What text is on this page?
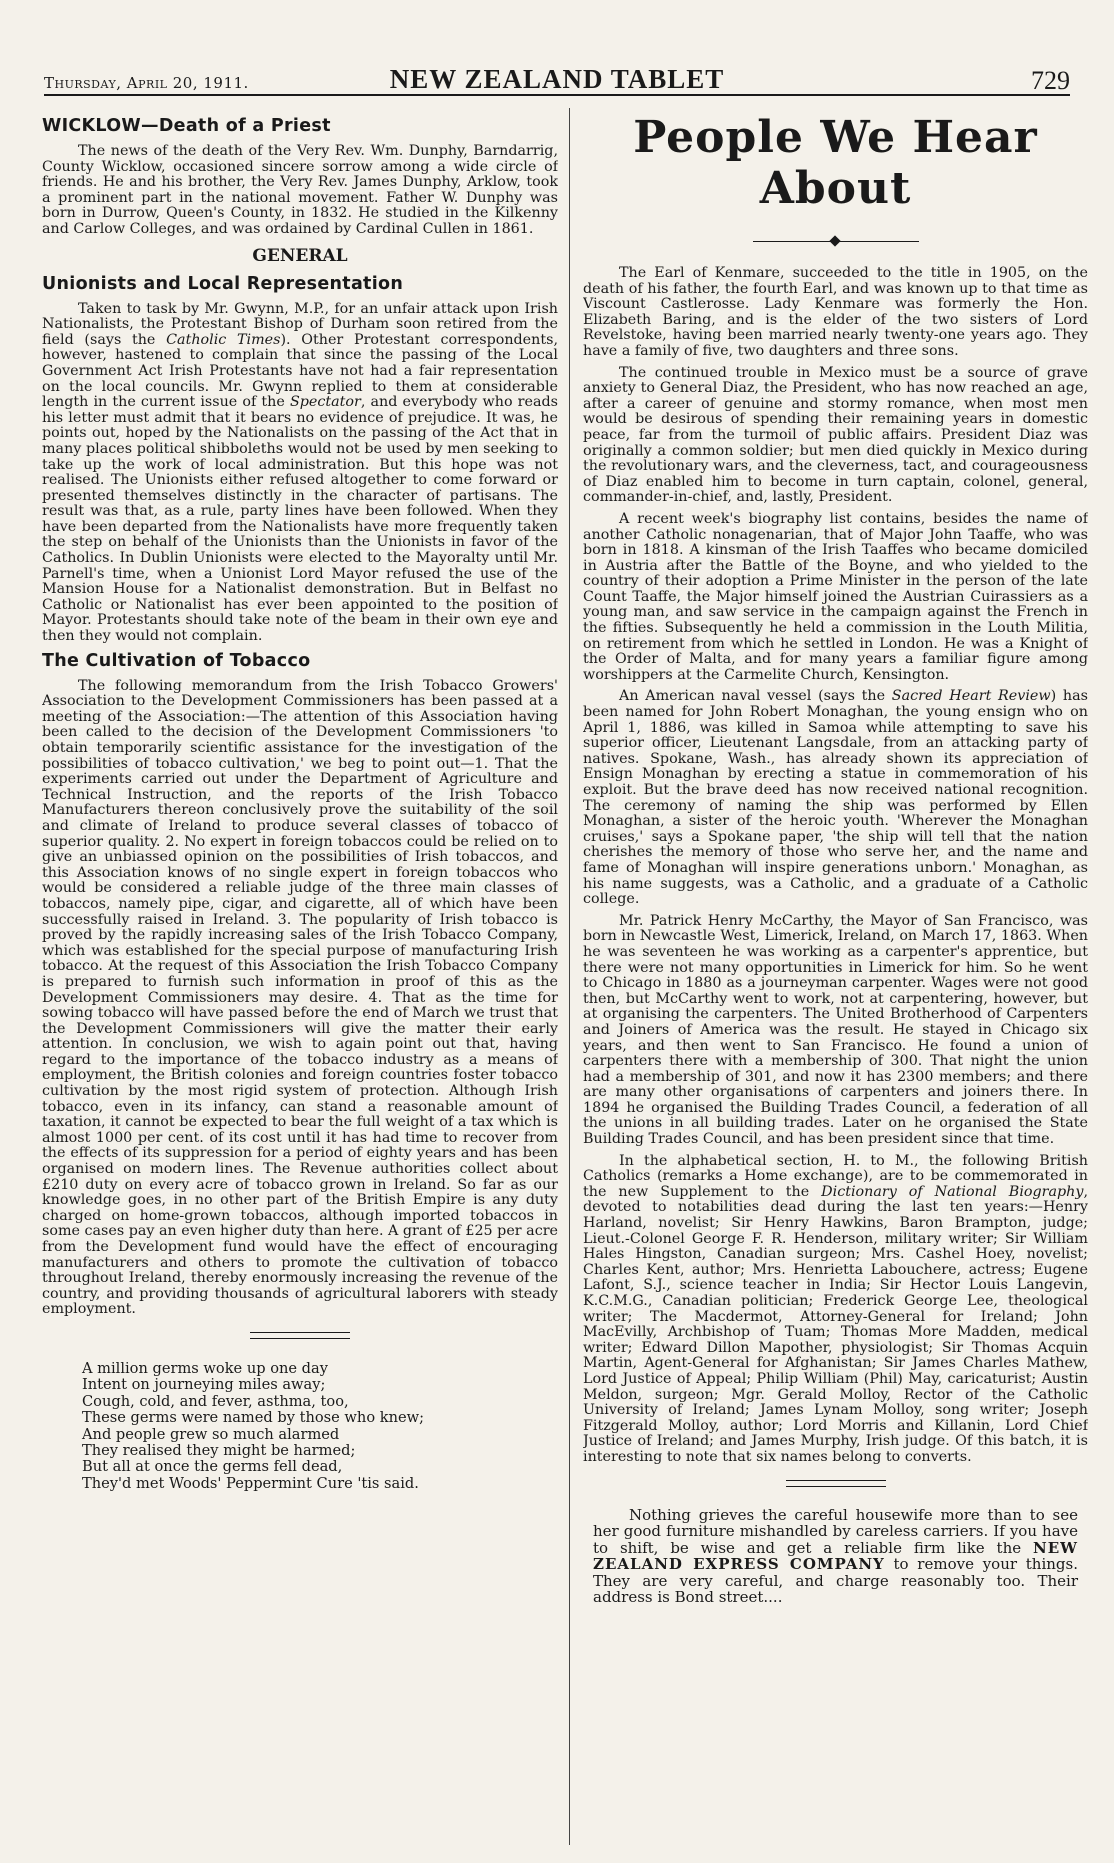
Thursday, April 20, 1911.	NEW ZEALAND TABLET	729
WICKLOW—Death of a Priest

The news of the death of the Very Rev. Wm. Dunphy, Barndarrig, County Wicklow, occasioned sincere sorrow among a wide circle of friends. He and his brother, the Very Rev. James Dunphy, Arklow, took a prominent part in the national movement. Father W. Dunphy was born in Durrow, Queen's County, in 1832. He studied in the Kilkenny and Carlow Colleges, and was ordained by Cardinal Cullen in 1861.

GENERAL
Unionists and Local Representation

Taken to task by Mr. Gwynn, M.P., for an unfair attack upon Irish Nationalists, the Protestant Bishop of Durham soon retired from the field (says the Catholic Times). Other Protestant correspondents, however, hastened to complain that since the passing of the Local Government Act Irish Protestants have not had a fair representation on the local councils. Mr. Gwynn replied to them at considerable length in the current issue of the Spectator, and everybody who reads his letter must admit that it bears no evidence of prejudice. It was, he points out, hoped by the Nationalists on the passing of the Act that in many places political shibboleths would not be used by men seeking to take up the work of local administration. But this hope was not realised. The Unionists either refused altogether to come forward or presented themselves distinctly in the character of partisans. The result was that, as a rule, party lines have been followed. When they have been departed from the Nationalists have more frequently taken the step on behalf of the Unionists than the Unionists in favor of the Catholics. In Dublin Unionists were elected to the Mayoralty until Mr. Parnell's time, when a Unionist Lord Mayor refused the use of the Mansion House for a Nationalist demonstration. But in Belfast no Catholic or Nationalist has ever been appointed to the position of Mayor. Protestants should take note of the beam in their own eye and then they would not complain.

The Cultivation of Tobacco

The following memorandum from the Irish Tobacco Growers' Association to the Development Commissioners has been passed at a meeting of the Association:—The attention of this Association having been called to the decision of the Development Commissioners 'to obtain temporarily scientific assistance for the investigation of the possibilities of tobacco cultivation,' we beg to point out—1. That the experiments carried out under the Department of Agriculture and Technical Instruction, and the reports of the Irish Tobacco Manufacturers thereon conclusively prove the suitability of the soil and climate of Ireland to produce several classes of tobacco of superior quality. 2. No expert in foreign tobaccos could be relied on to give an unbiassed opinion on the possibilities of Irish tobaccos, and this Association knows of no single expert in foreign tobaccos who would be considered a reliable judge of the three main classes of tobaccos, namely pipe, cigar, and cigarette, all of which have been successfully raised in Ireland. 3. The popularity of Irish tobacco is proved by the rapidly increasing sales of the Irish Tobacco Company, which was established for the special purpose of manufacturing Irish tobacco. At the request of this Association the Irish Tobacco Company is prepared to furnish such information in proof of this as the Development Commissioners may desire. 4. That as the time for sowing tobacco will have passed before the end of March we trust that the Development Commissioners will give the matter their early attention. In conclusion, we wish to again point out that, having regard to the importance of the tobacco industry as a means of employment, the British colonies and foreign countries foster tobacco cultivation by the most rigid system of protection. Although Irish tobacco, even in its infancy, can stand a reasonable amount of taxation, it cannot be expected to bear the full weight of a tax which is almost 1000 per cent. of its cost until it has had time to recover from the effects of its suppression for a period of eighty years and has been organised on modern lines. The Revenue authorities collect about £210 duty on every acre of tobacco grown in Ireland. So far as our knowledge goes, in no other part of the British Empire is any duty charged on home-grown tobaccos, although imported tobaccos in some cases pay an even higher duty than here. A grant of £25 per acre from the Development fund would have the effect of encouraging manufacturers and others to promote the cultivation of tobacco throughout Ireland, thereby enormously increasing the revenue of the country, and providing thousands of agricultural laborers with steady employment.

A million germs woke up one day
Intent on journeying miles away;
Cough, cold, and fever, asthma, too,
These germs were named by those who knew;
And people grew so much alarmed
They realised they might be harmed;
But all at once the germs fell dead,
They'd met Woods' Peppermint Cure 'tis said.
People We Hear About

The Earl of Kenmare, succeeded to the title in 1905, on the death of his father, the fourth Earl, and was known up to that time as Viscount Castlerosse. Lady Kenmare was formerly the Hon. Elizabeth Baring, and is the elder of the two sisters of Lord Revelstoke, having been married nearly twenty-one years ago. They have a family of five, two daughters and three sons.

The continued trouble in Mexico must be a source of grave anxiety to General Diaz, the President, who has now reached an age, after a career of genuine and stormy romance, when most men would be desirous of spending their remaining years in domestic peace, far from the turmoil of public affairs. President Diaz was originally a common soldier; but men died quickly in Mexico during the revolutionary wars, and the cleverness, tact, and courageousness of Diaz enabled him to become in turn captain, colonel, general, commander-in-chief, and, lastly, President.

A recent week's biography list contains, besides the name of another Catholic nonagenarian, that of Major John Taaffe, who was born in 1818. A kinsman of the Irish Taaffes who became domiciled in Austria after the Battle of the Boyne, and who yielded to the country of their adoption a Prime Minister in the person of the late Count Taaffe, the Major himself joined the Austrian Cuirassiers as a young man, and saw service in the campaign against the French in the fifties. Subsequently he held a commission in the Louth Militia, on retirement from which he settled in London. He was a Knight of the Order of Malta, and for many years a familiar figure among worshippers at the Carmelite Church, Kensington.

An American naval vessel (says the Sacred Heart Review) has been named for John Robert Monaghan, the young ensign who on April 1, 1886, was killed in Samoa while attempting to save his superior officer, Lieutenant Langsdale, from an attacking party of natives. Spokane, Wash., has already shown its appreciation of Ensign Monaghan by erecting a statue in commemoration of his exploit. But the brave deed has now received national recognition. The ceremony of naming the ship was performed by Ellen Monaghan, a sister of the heroic youth. 'Wherever the Monaghan cruises,' says a Spokane paper, 'the ship will tell that the nation cherishes the memory of those who serve her, and the name and fame of Monaghan will inspire generations unborn.' Monaghan, as his name suggests, was a Catholic, and a graduate of a Catholic college.

Mr. Patrick Henry McCarthy, the Mayor of San Francisco, was born in Newcastle West, Limerick, Ireland, on March 17, 1863. When he was seventeen he was working as a carpenter's apprentice, but there were not many opportunities in Limerick for him. So he went to Chicago in 1880 as a journeyman carpenter. Wages were not good then, but McCarthy went to work, not at carpentering, however, but at organising the carpenters. The United Brotherhood of Carpenters and Joiners of America was the result. He stayed in Chicago six years, and then went to San Francisco. He found a union of carpenters there with a membership of 300. That night the union had a membership of 301, and now it has 2300 members; and there are many other organisations of carpenters and joiners there. In 1894 he organised the Building Trades Council, a federation of all the unions in all building trades. Later on he organised the State Building Trades Council, and has been president since that time.

In the alphabetical section, H. to M., the following British Catholics (remarks a Home exchange), are to be commemorated in the new Supplement to the Dictionary of National Biography, devoted to notabilities dead during the last ten years:—Henry Harland, novelist; Sir Henry Hawkins, Baron Brampton, judge; Lieut.-Colonel George F. R. Henderson, military writer; Sir William Hales Hingston, Canadian surgeon; Mrs. Cashel Hoey, novelist; Charles Kent, author; Mrs. Henrietta Labouchere, actress; Eugene Lafont, S.J., science teacher in India; Sir Hector Louis Langevin, K.C.M.G., Canadian politician; Frederick George Lee, theological writer; The Macdermot, Attorney-General for Ireland; John MacEvilly, Archbishop of Tuam; Thomas More Madden, medical writer; Edward Dillon Mapother, physiologist; Sir Thomas Acquin Martin, Agent-General for Afghanistan; Sir James Charles Mathew, Lord Justice of Appeal; Philip William (Phil) May, caricaturist; Austin Meldon, surgeon; Mgr. Gerald Molloy, Rector of the Catholic University of Ireland; James Lynam Molloy, song writer; Joseph Fitzgerald Molloy, author; Lord Morris and Killanin, Lord Chief Justice of Ireland; and James Murphy, Irish judge. Of this batch, it is interesting to note that six names belong to converts.

Nothing grieves the careful housewife more than to see her good furniture mishandled by careless carriers. If you have to shift, be wise and get a reliable firm like the NEW ZEALAND EXPRESS COMPANY to remove your things. They are very careful, and charge reasonably too. Their address is Bond street....
